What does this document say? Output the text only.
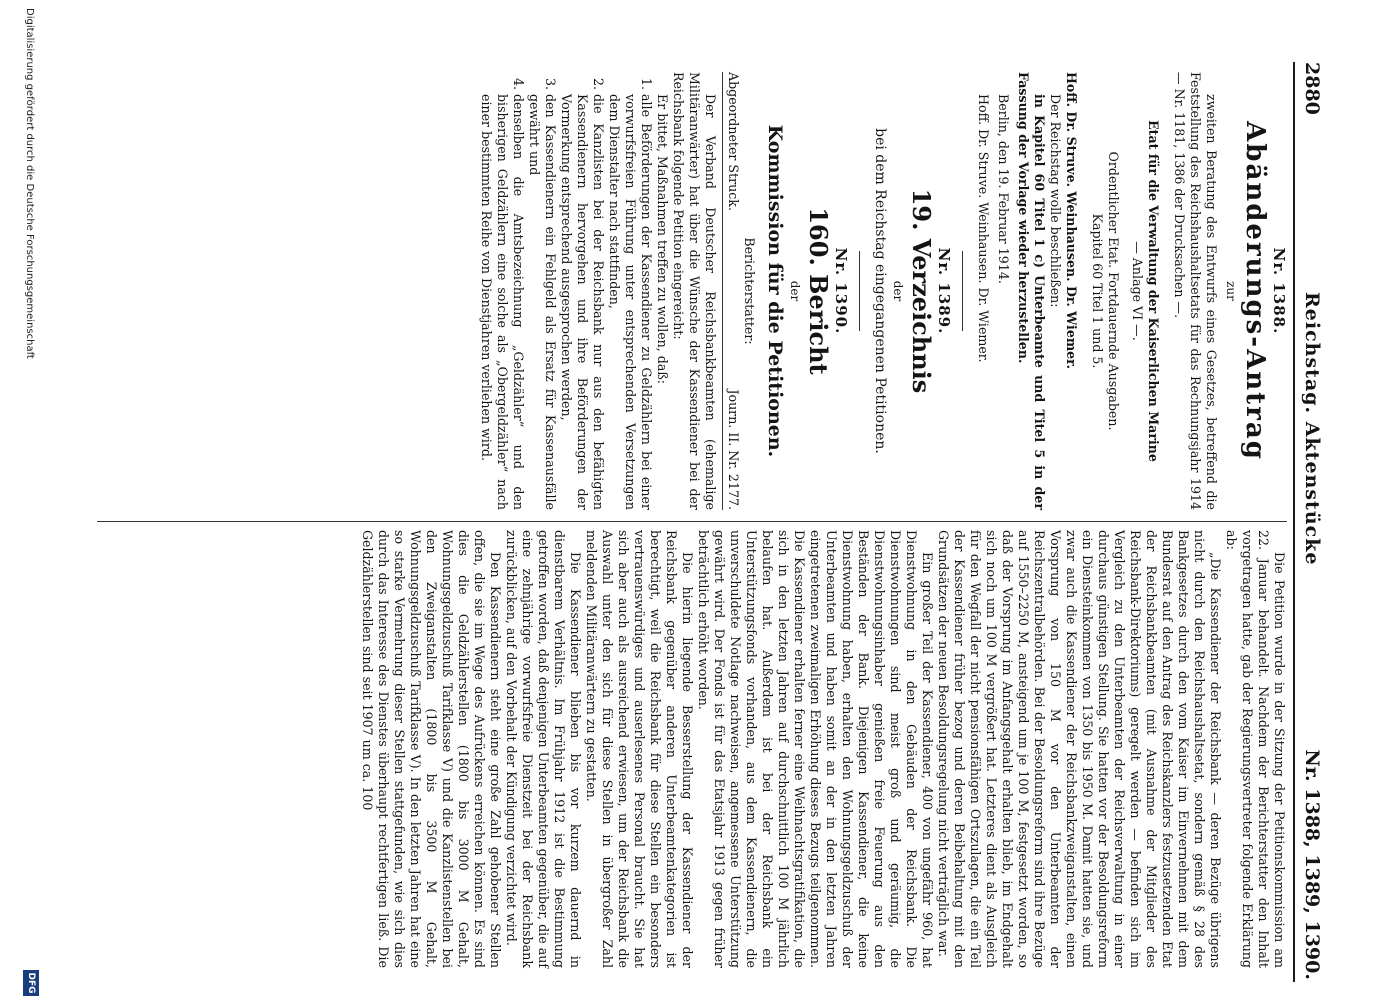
2880
Reichstag. Aktenstücke
Nr. 1388, 1389, 1390.

Nr. 1388.

Abänderungs-Antrag

zur

zweiten Beratung des Entwurfs eines Gesetzes, betreffend die Feststellung des Reichshaushaltsetats für das Rechnungsjahr 1914 — Nr. 1181, 1386 der Drucksachen —.

Etat für die Verwaltung der Kaiserlichen Marine

— Anlage VI —.

Ordentlicher Etat. Fortdauernde Ausgaben.

Kapitel 60 Titel 1 und 5.

Hoff. Dr. Struve. Weinhausen. Dr. Wiemer.

Der Reichstag wolle beschließen:

in Kapitel 60 Titel 1 c) Unterbeamte und Titel 5 in der Fassung der Vorlage wieder herzustellen.

Berlin, den 19. Februar 1914.

Hoff. Dr. Struve. Weinhausen. Dr. Wiemer.

Nr. 1389.

19. Verzeichnis

der

bei dem Reichstag eingegangenen Petitionen.

Nr. 1390.

160. Bericht

der

Kommission für die Petitionen.

Berichterstatter:

Abgeordneter Struck.
Journ. II. Nr. 2177.

Der Verband Deutscher Reichsbankbeamten (ehemalige Militäranwärter) hat über die Wünsche der Kassendiener bei der Reichsbank folgende Petition eingereicht:

Er bittet, Maßnahmen treffen zu wollen, daß:

1. alle Beförderungen der Kassendiener zu Geldzählern bei einer vorwurfsfreien Führung unter entsprechenden Versetzungen dem Dienstalter nach stattfinden,
2. die Kanzlisten bei der Reichsbank nur aus den befähigten Kassendienern hervorgehen und ihre Beförderungen der Vormerkung entsprechend ausgesprochen werden,
3. den Kassendienern ein Fehlgeld als Ersatz für Kassenausfälle gewährt und
4. denselben die Amtsbezeichnung „Geldzähler“ und den bisherigen Geldzählern eine solche als „Obergeldzähler“ nach einer bestimmten Reihe von Dienstjahren verliehen wird.

Die Petition wurde in der Sitzung der Petitionskommission am 22. Januar behandelt. Nachdem der Berichterstatter den Inhalt vorgetragen hatte, gab der Regierungsvertreter folgende Erklärung ab:

„Die Kassendiener der Reichsbank — deren Bezüge übrigens nicht durch den Reichshaushaltsetat, sondern gemäß § 28 des Bankgesetzes durch den vom Kaiser im Einvernehmen mit dem Bundesrat auf den Antrag des Reichskanzlers festzusetzenden Etat der Reichsbankbeamten (mit Ausnahme der Mitglieder des Reichsbank-Direktoriums) geregelt werden — befinden sich im Vergleich zu den Unterbeamten der Reichsverwaltung in einer durchaus günstigen Stellung. Sie hatten vor der Besoldungsreform ein Diensteinkommen von 1350 bis 1950 M. Damit hatten sie, und zwar auch die Kassendiener der Reichsbankzweiganstalten, einen Vorsprung von 150 M vor den Unterbeamten der Reichszentralbehörden. Bei der Besoldungsreform sind ihre Bezüge auf 1550–2250 M, ansteigend um je 100 M, festgesetzt worden, so daß der Vorsprung im Anfangsgehalt erhalten blieb, im Endgehalt sich noch um 100 M vergrößert hat. Letzteres dient als Ausgleich für den Wegfall der nicht pensionsfähigen Ortszulagen, die ein Teil der Kassendiener früher bezog und deren Beibehaltung mit den Grundsätzen der neuen Besoldungsregelung nicht verträglich war.

Ein großer Teil der Kassendiener, 400 von ungefähr 960, hat Dienstwohnung in den Gebäuden der Reichsbank. Die Dienstwohnungen sind meist groß und geräumig, die Dienstwohnungsinhaber genießen freie Feuerung aus den Beständen der Bank. Diejenigen Kassendiener, die keine Dienstwohnung haben, erhalten den Wohnungsgeldzuschuß der Unterbeamten und haben somit an der in den letzten Jahren eingetretenen zweimaligen Erhöhung dieses Bezugs teilgenommen. Die Kassendiener erhalten ferner eine Weihnachtsgratifikation, die sich in den letzten Jahren auf durchschnittlich 100 M jährlich belaufen hat. Außerdem ist bei der Reichsbank ein Unterstützungsfonds vorhanden, aus dem Kassendienern, die unverschuldete Notlage nachweisen, angemessene Unterstützung gewährt wird. Der Fonds ist für das Etatsjahr 1913 gegen früher beträchtlich erhöht worden.

Die hierin liegende Besserstellung der Kassendiener der Reichsbank gegenüber anderen Unterbeamtenkategorien ist berechtigt, weil die Reichsbank für diese Stellen ein besonders vertrauenswürdiges und auserlesenes Personal braucht. Sie hat sich aber auch als ausreichend erwiesen, um der Reichsbank die Auswahl unter den sich für diese Stellen in übergroßer Zahl meldenden Militäranwärtern zu gestatten.

Die Kassendiener blieben bis vor kurzem dauernd in dienstbarem Verhältnis. Im Frühjahr 1912 ist die Bestimmung getroffen worden, daß denjenigen Unterbeamten gegenüber, die auf eine zehnjährige vorwurfsfreie Dienstzeit bei der Reichsbank zurückblicken, auf den Vorbehalt der Kündigung verzichtet wird.

Den Kassendienern steht eine große Zahl gehobener Stellen offen, die sie im Wege des Aufrückens erreichen können. Es sind dies die Geldzählerstellen (1800 bis 3000 M Gehalt, Wohnungsgeldzuschuß Tarifklasse V) und die Kanzlistenstellen bei den Zweiganstalten (1800 bis 3500 M Gehalt, Wohnungsgeldzuschuß Tarifklasse V). In den letzten Jahren hat eine so starke Vermehrung dieser Stellen stattgefunden, wie sich dies durch das Interesse des Dienstes überhaupt rechtfertigen ließ. Die Geldzählerstellen sind seit 1907 um ca. 100

Digitalisierung gefördert durch die Deutsche Forschungsgemeinschaft
DFG
